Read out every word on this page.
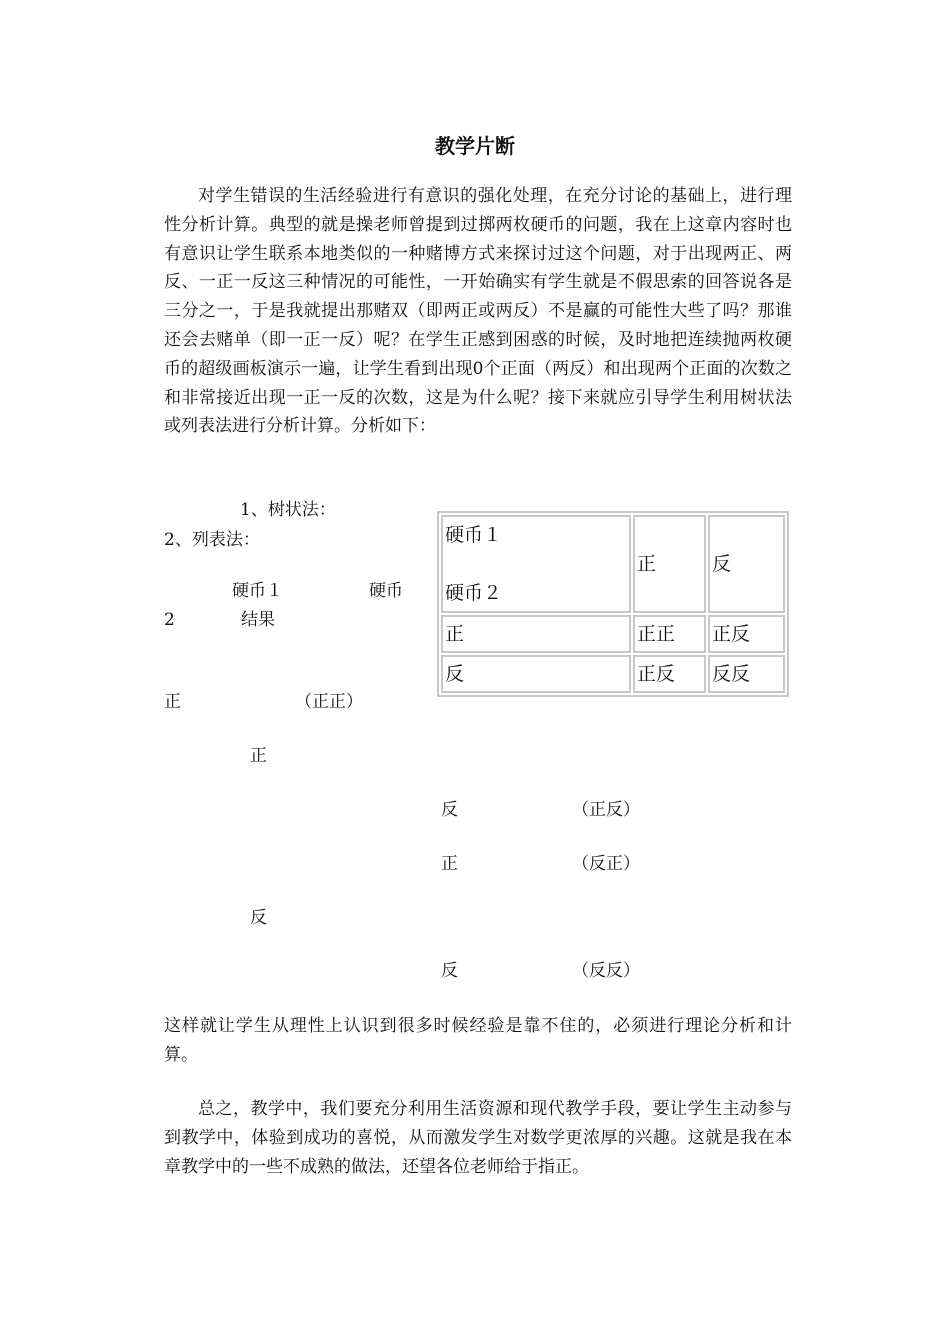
教学片断

对学生错误的生活经验进行有意识的强化处理，在充分讨论的基础上，进行理性分析计算。典型的就是操老师曾提到过掷两枚硬币的问题，我在上这章内容时也有意识让学生联系本地类似的一种赌博方式来探讨过这个问题，对于出现两正、两反、一正一反这三种情况的可能性，一开始确实有学生就是不假思索的回答说各是三分之一，于是我就提出那赌双（即两正或两反）不是赢的可能性大些了吗？那谁还会去赌单（即一正一反）呢？在学生正感到困惑的时候，及时地把连续抛两枚硬币的超级画板演示一遍，让学生看到出现0个正面（两反）和出现两个正面的次数之和非常接近出现一正一反的次数，这是为什么呢？接下来就应引导学生利用树状法或列表法进行分析计算。分析如下：

1、树状法：

2、列表法：

硬币１	硬币
2	结果
正	（正正）
正
反	（正反）
正	（反正）
反
反	（反反）
硬币１
硬币２	正	反
正	正正	正反
反	正反	反反

这样就让学生从理性上认识到很多时候经验是靠不住的，必须进行理论分析和计算。

总之，教学中，我们要充分利用生活资源和现代教学手段，要让学生主动参与到教学中，体验到成功的喜悦，从而激发学生对数学更浓厚的兴趣。这就是我在本章教学中的一些不成熟的做法，还望各位老师给于指正。
